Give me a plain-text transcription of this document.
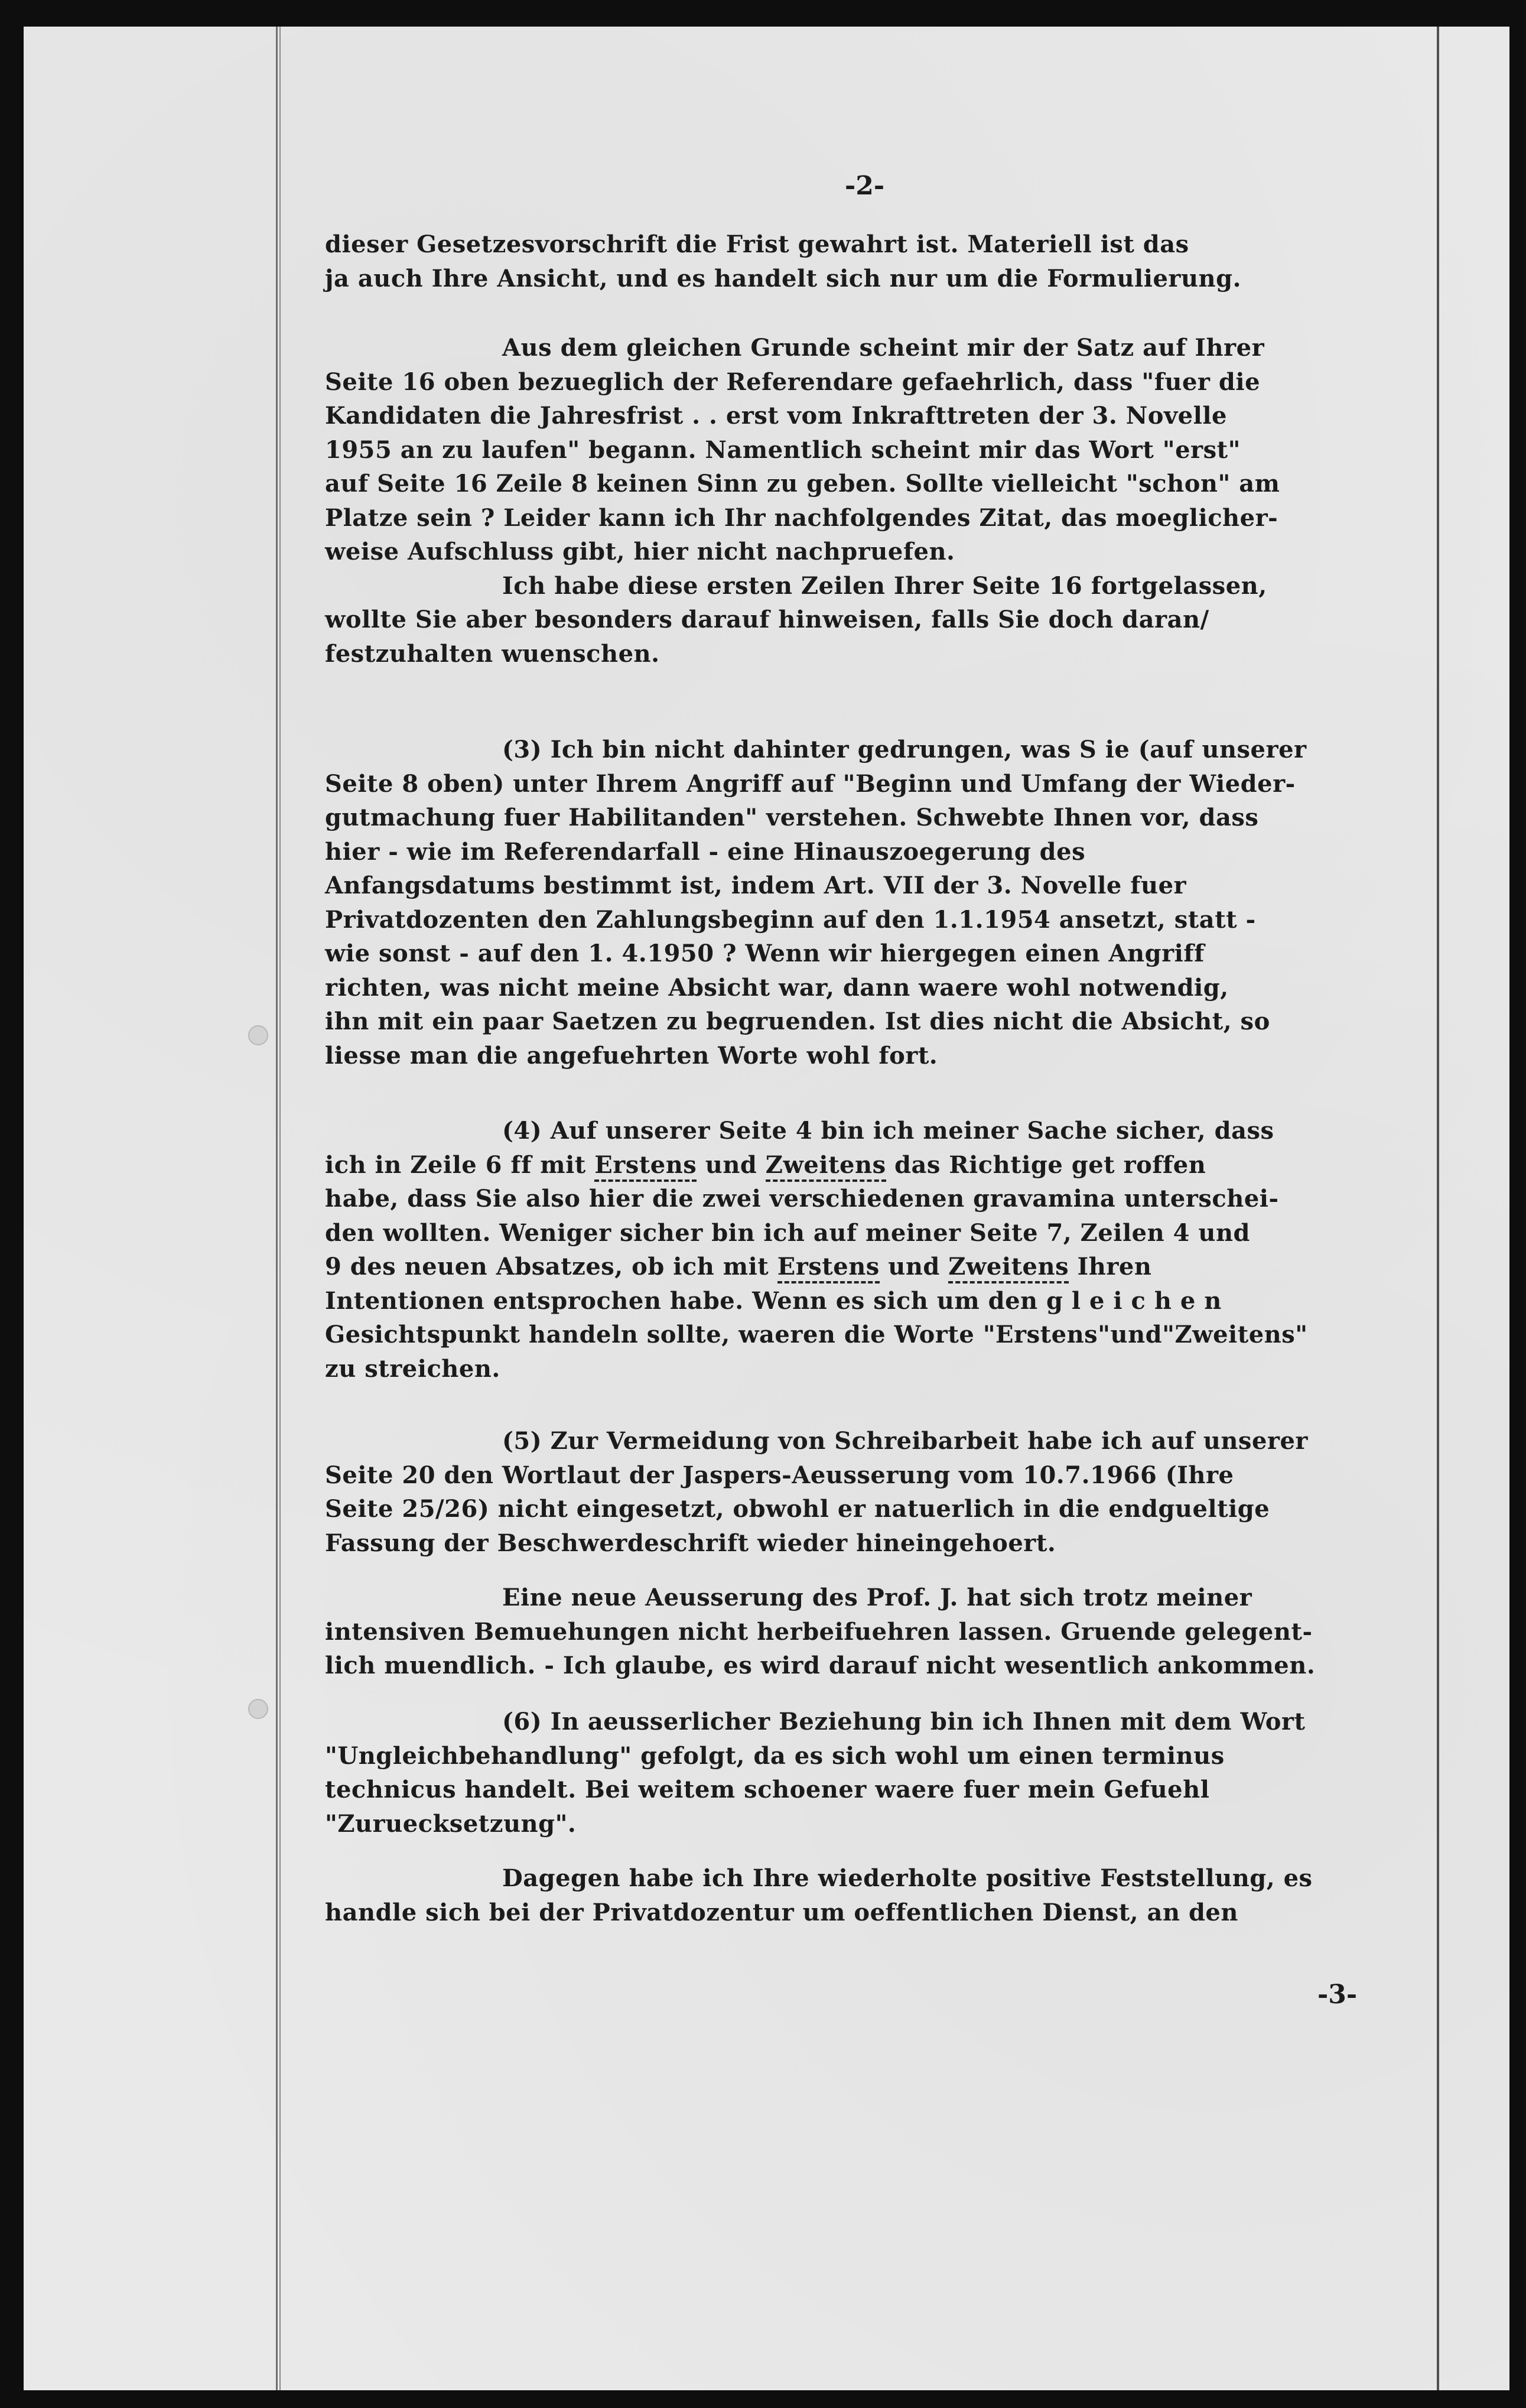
-2-
dieser Gesetzesvorschrift die Frist gewahrt ist. Materiell ist das
ja auch Ihre Ansicht, und es handelt sich nur um die Formulierung.
Aus dem gleichen Grunde scheint mir der Satz auf Ihrer
Seite 16 oben bezueglich der Referendare gefaehrlich, dass "fuer die
Kandidaten die Jahresfrist . . erst vom Inkrafttreten der 3. Novelle
1955 an zu laufen" begann. Namentlich scheint mir das Wort "erst"
auf Seite 16 Zeile 8 keinen Sinn zu geben. Sollte vielleicht "schon" am
Platze sein ? Leider kann ich Ihr nachfolgendes Zitat, das moeglicher-
weise Aufschluss gibt, hier nicht nachpruefen.
Ich habe diese ersten Zeilen Ihrer Seite 16 fortgelassen,
wollte Sie aber besonders darauf hinweisen, falls Sie doch daran/
festzuhalten wuenschen.
(3) Ich bin nicht dahinter gedrungen, was S ie (auf unserer
Seite 8 oben) unter Ihrem Angriff auf "Beginn und Umfang der Wieder-
gutmachung fuer Habilitanden" verstehen. Schwebte Ihnen vor, dass
hier - wie im Referendarfall - eine Hinauszoegerung des
Anfangsdatums bestimmt ist, indem Art. VII der 3. Novelle fuer
Privatdozenten den Zahlungsbeginn auf den 1.1.1954 ansetzt, statt -
wie sonst - auf den 1. 4.1950 ? Wenn wir hiergegen einen Angriff
richten, was nicht meine Absicht war, dann waere wohl notwendig,
ihn mit ein paar Saetzen zu begruenden. Ist dies nicht die Absicht, so
liesse man die angefuehrten Worte wohl fort.
(4) Auf unserer Seite 4 bin ich meiner Sache sicher, dass
ich in Zeile 6 ff mit Erstens und Zweitens das Richtige get roffen
habe, dass Sie also hier die zwei verschiedenen gravamina unterschei-
den wollten. Weniger sicher bin ich auf meiner Seite 7, Zeilen 4 und
9 des neuen Absatzes, ob ich mit Erstens und Zweitens Ihren
Intentionen entsprochen habe. Wenn es sich um den g l e i c h e n
Gesichtspunkt handeln sollte, waeren die Worte "Erstens"und"Zweitens"
zu streichen.
(5) Zur Vermeidung von Schreibarbeit habe ich auf unserer
Seite 20 den Wortlaut der Jaspers-Aeusserung vom 10.7.1966 (Ihre
Seite 25/26) nicht eingesetzt, obwohl er natuerlich in die endgueltige
Fassung der Beschwerdeschrift wieder hineingehoert.
Eine neue Aeusserung des Prof. J. hat sich trotz meiner
intensiven Bemuehungen nicht herbeifuehren lassen. Gruende gelegent-
lich muendlich. - Ich glaube, es wird darauf nicht wesentlich ankommen.
(6) In aeusserlicher Beziehung bin ich Ihnen mit dem Wort
"Ungleichbehandlung" gefolgt, da es sich wohl um einen terminus
technicus handelt. Bei weitem schoener waere fuer mein Gefuehl
"Zuruecksetzung".
Dagegen habe ich Ihre wiederholte positive Feststellung, es
handle sich bei der Privatdozentur um oeffentlichen Dienst, an den
-3-
